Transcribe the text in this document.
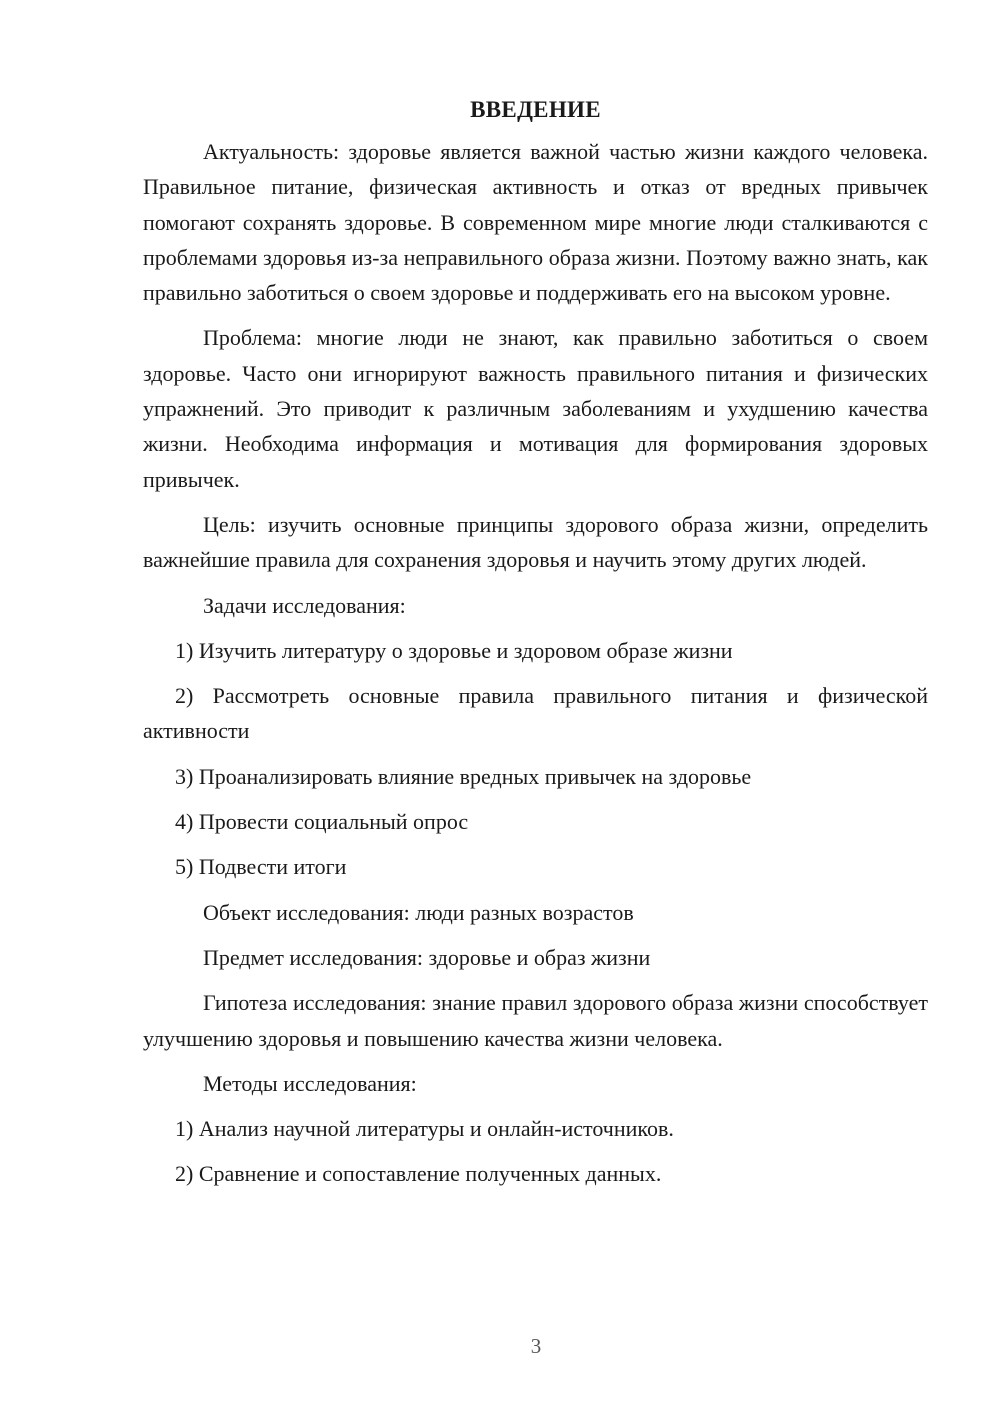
ВВЕДЕНИЕ

Актуальность: здоровье является важной частью жизни каждого человека. Правильное питание, физическая активность и отказ от вредных привычек помогают сохранять здоровье. В современном мире многие люди сталкиваются с проблемами здоровья из-за неправильного образа жизни. Поэтому важно знать, как правильно заботиться о своем здоровье и поддерживать его на высоком уровне.

Проблема: многие люди не знают, как правильно заботиться о своем здоровье. Часто они игнорируют важность правильного питания и физических упражнений. Это приводит к различным заболеваниям и ухудшению качества жизни. Необходима информация и мотивация для формирования здоровых привычек.

Цель: изучить основные принципы здорового образа жизни, определить важнейшие правила для сохранения здоровья и научить этому других людей.

Задачи исследования:

1) Изучить литературу о здоровье и здоровом образе жизни

2) Рассмотреть основные правила правильного питания и физической активности

3) Проанализировать влияние вредных привычек на здоровье

4) Провести социальный опрос

5) Подвести итоги

Объект исследования: люди разных возрастов

Предмет исследования: здоровье и образ жизни

Гипотеза исследования: знание правил здорового образа жизни способствует улучшению здоровья и повышению качества жизни человека.

Методы исследования:

1) Анализ научной литературы и онлайн-источников.

2) Сравнение и сопоставление полученных данных.

3
